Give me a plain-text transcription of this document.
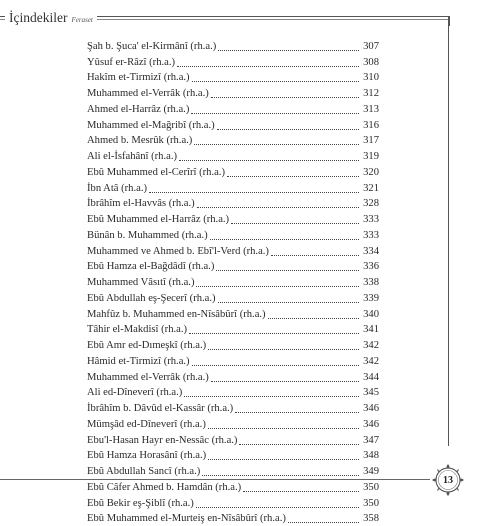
İçindekiler Feraset
Şah b. Şuca' el-Kirmânî (rh.a.)	307
Yûsuf er-Râzî (rh.a.)	308
Hakîm et-Tirmizî (rh.a.)	310
Muhammed el-Verrâk (rh.a.)	312
Ahmed el-Harrâz (rh.a.)	313
Muhammed el-Mağribî (rh.a.)	316
Ahmed b. Mesrûk (rh.a.)	317
Ali el-İsfahânî (rh.a.)	319
Ebû Muhammed el-Cerîrî (rh.a.)	320
İbn Atâ (rh.a.)	321
İbrâhîm el-Havvâs (rh.a.)	328
Ebû Muhammed el-Harrâz (rh.a.)	333
Bünân b. Muhammed (rh.a.)	333
Muhammed ve Ahmed b. Ebî'l-Verd (rh.a.)	334
Ebû Hamza el-Bağdâdî (rh.a.)	336
Muhammed Vâsıtî (rh.a.)	338
Ebû Abdullah eş-Şecerî (rh.a.)	339
Mahfûz b. Muhammed en-Nîsâbûrî (rh.a.)	340
Tâhir el-Makdisî (rh.a.)	341
Ebû Amr ed-Dımeşkî (rh.a.)	342
Hâmid et-Tirmizî (rh.a.)	342
Muhammed el-Verrâk (rh.a.)	344
Ali ed-Dîneverî (rh.a.)	345
İbrâhîm b. Dâvûd el-Kassâr (rh.a.)	346
Mümşâd ed-Dîneverî (rh.a.)	346
Ebu'l-Hasan Hayr en-Nessâc (rh.a.)	347
Ebû Hamza Horasânî (rh.a.)	348
Ebû Abdullah Sancî (rh.a.)	349
Ebû Câfer Ahmed b. Hamdân (rh.a.)	350
Ebû Bekir eş-Şiblî (rh.a.)	350
Ebû Muhammed el-Murteiş en-Nîsâbûrî (rh.a.)	358
13
